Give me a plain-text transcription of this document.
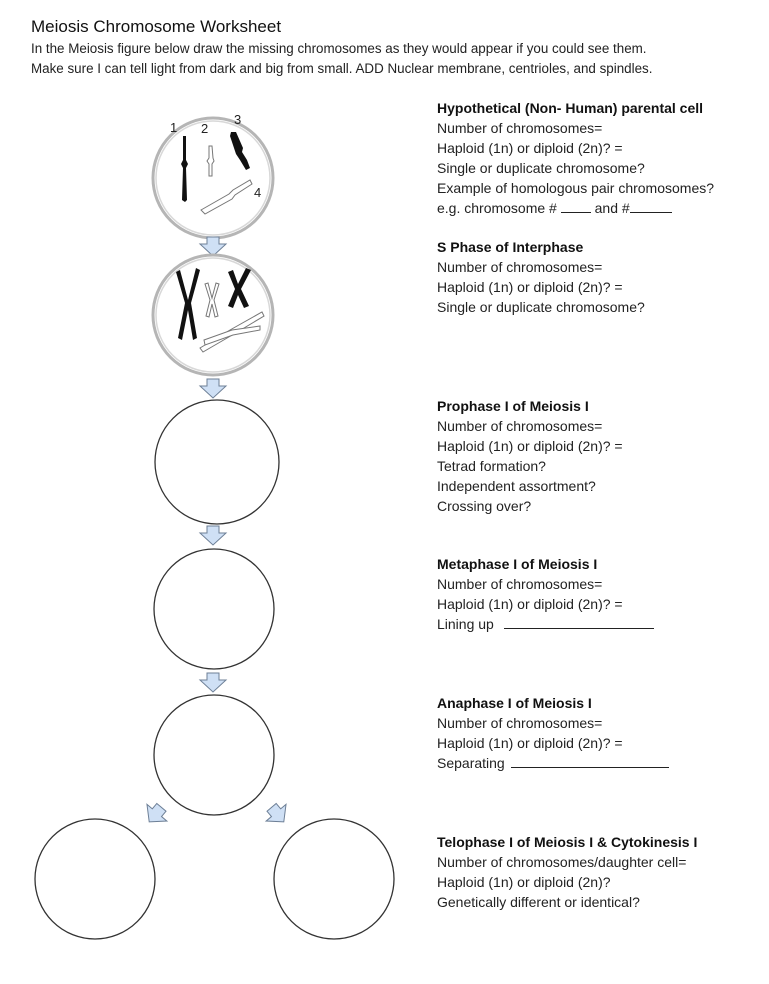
Meiosis Chromosome Worksheet
In the Meiosis figure below draw the missing chromosomes as they would appear if you could see them.
Make sure I can tell light from dark and big from small. ADD Nuclear membrane, centrioles, and spindles.
1 2
3
4
Hypothetical (Non- Human) parental cell
Number of chromosomes=
Haploid (1n) or diploid (2n)? =
Single or duplicate chromosome?
Example of homologous pair chromosomes?
e.g. chromosome #	and #
S Phase of Interphase
Number of chromosomes=
Haploid (1n) or diploid (2n)? =
Single or duplicate chromosome?
Prophase I of Meiosis I
Number of chromosomes=
Haploid (1n) or diploid (2n)? =
Tetrad formation?
Independent assortment?
Crossing over?
Metaphase I of Meiosis I
Number of chromosomes=
Haploid (1n) or diploid (2n)? =
Lining up
Anaphase I of Meiosis I
Number of chromosomes=
Haploid (1n) or diploid (2n)? =
Separating
Telophase I of Meiosis I & Cytokinesis I
Number of chromosomes/daughter cell=
Haploid (1n) or diploid (2n)?
Genetically different or identical?
